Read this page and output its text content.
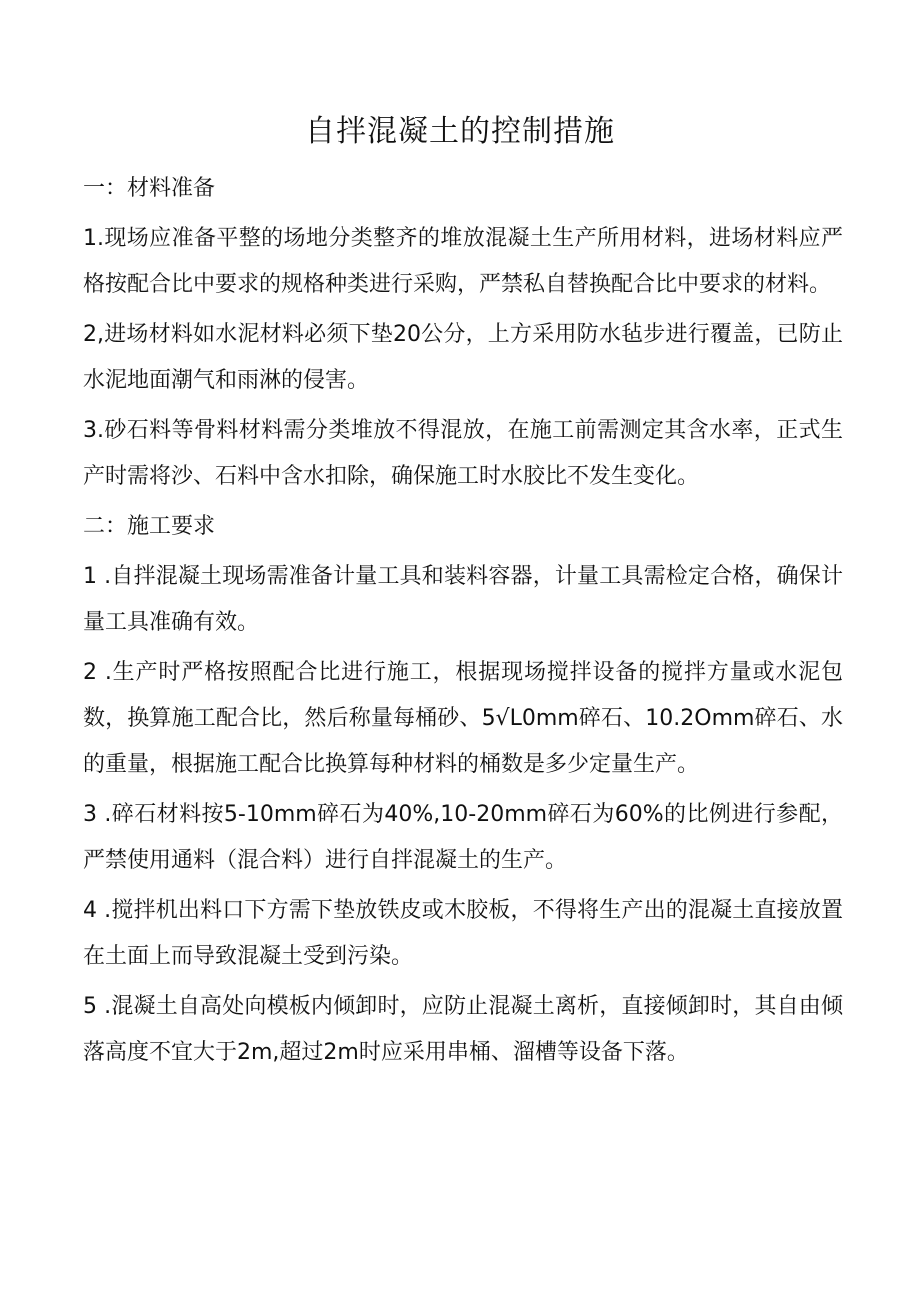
自拌混凝土的控制措施

一：材料准备

1.现场应准备平整的场地分类整齐的堆放混凝土生产所用材料，进场材料应严格按配合比中要求的规格种类进行采购，严禁私自替换配合比中要求的材料。

2,进场材料如水泥材料必须下垫20公分，上方采用防水毡步进行覆盖，已防止水泥地面潮气和雨淋的侵害。

3.砂石料等骨料材料需分类堆放不得混放，在施工前需测定其含水率，正式生产时需将沙、石料中含水扣除，确保施工时水胶比不发生变化。

二：施工要求

1 .自拌混凝土现场需准备计量工具和装料容器，计量工具需检定合格，确保计量工具准确有效。

2 .生产时严格按照配合比进行施工，根据现场搅拌设备的搅拌方量或水泥包数，换算施工配合比，然后称量每桶砂、5√L0mm碎石、10.2Omm碎石、水的重量，根据施工配合比换算每种材料的桶数是多少定量生产。

3 .碎石材料按5-10mm碎石为40%,10-20mm碎石为60%的比例进行参配，严禁使用通料（混合料）进行自拌混凝土的生产。

4 .搅拌机出料口下方需下垫放铁皮或木胶板，不得将生产出的混凝土直接放置在土面上而导致混凝土受到污染。

5 .混凝土自高处向模板内倾卸时，应防止混凝土离析，直接倾卸时，其自由倾落高度不宜大于2m,超过2m时应采用串桶、溜槽等设备下落。
